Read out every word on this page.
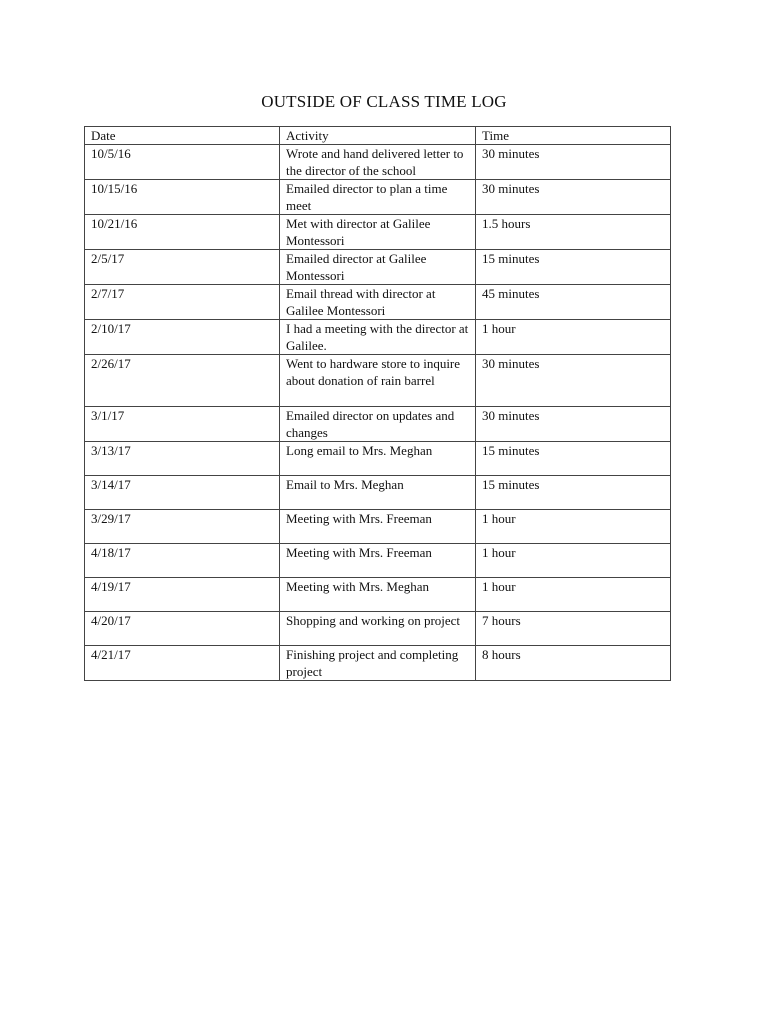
OUTSIDE OF CLASS TIME LOG
Date	Activity	Time
10/5/16	Wrote and hand delivered letter to the director of the school	30 minutes
10/15/16	Emailed director to plan a time meet	30 minutes
10/21/16	Met with director at Galilee Montessori	1.5 hours
2/5/17	Emailed director at Galilee Montessori	15 minutes
2/7/17	Email thread with director at Galilee Montessori	45 minutes
2/10/17	I had a meeting with the director at Galilee.	1 hour
2/26/17	Went to hardware store to inquire about donation of rain barrel	30 minutes
3/1/17	Emailed director on updates and changes	30 minutes
3/13/17	Long email to Mrs. Meghan	15 minutes
3/14/17	Email to Mrs. Meghan	15 minutes
3/29/17	Meeting with Mrs. Freeman	1 hour
4/18/17	Meeting with Mrs. Freeman	1 hour
4/19/17	Meeting with Mrs. Meghan	1 hour
4/20/17	Shopping and working on project	7 hours
4/21/17	Finishing project and completing project	8 hours
